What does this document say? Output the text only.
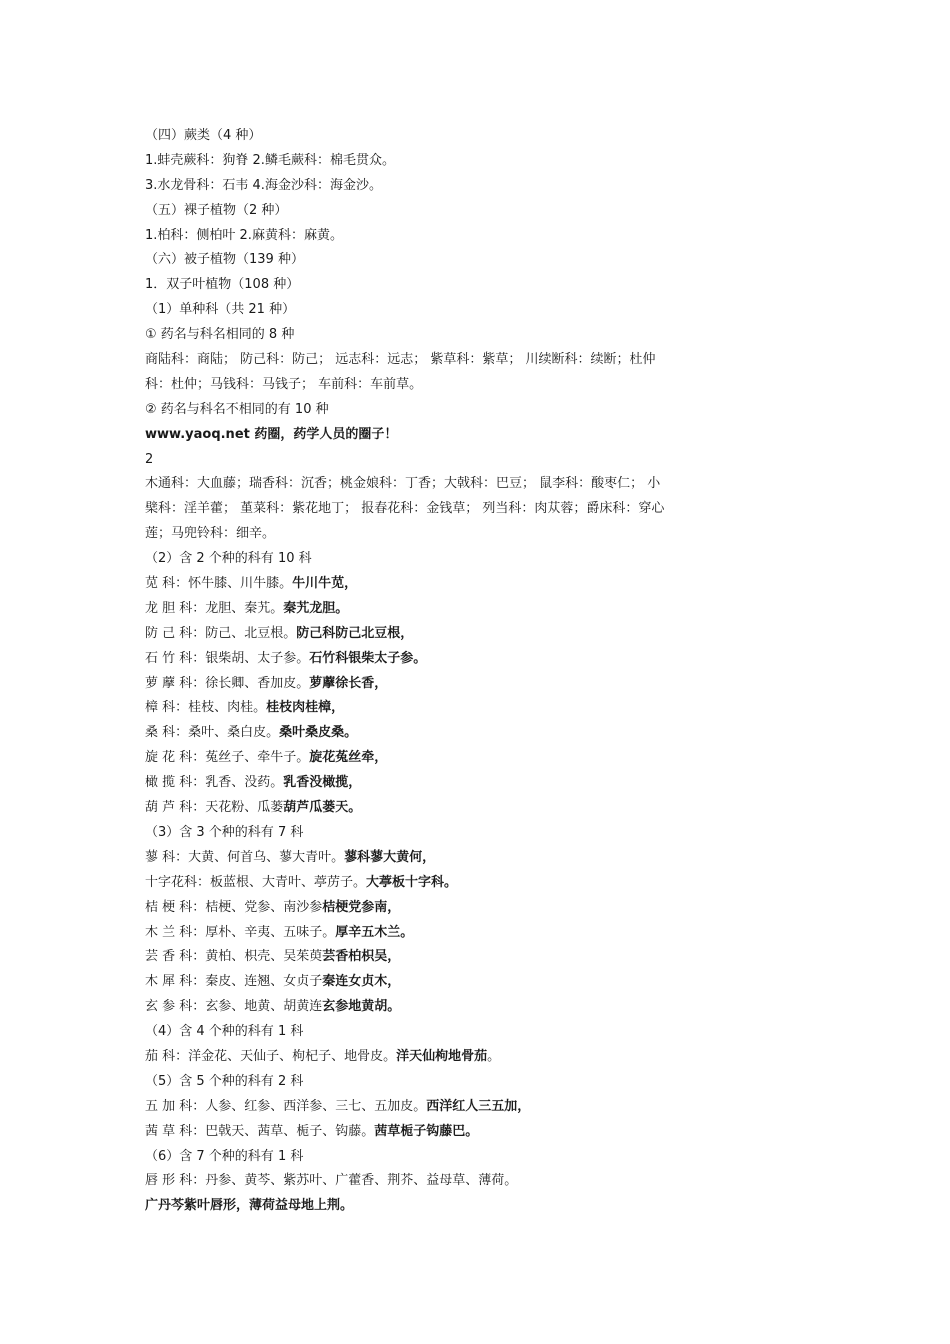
（四）蕨类（4 种）
1.蚌壳蕨科：狗脊 2.鳞毛蕨科：棉毛贯众。
3.水龙骨科：石韦 4.海金沙科：海金沙。
（五）裸子植物（2 种）
1.柏科：侧柏叶 2.麻黄科：麻黄。
（六）被子植物（139 种）
1．双子叶植物（108 种）
（1）单种科（共 21 种）
① 药名与科名相同的 8 种
商陆科：商陆； 防己科：防己； 远志科：远志； 紫草科：紫草； 川续断科：续断；杜仲
科：杜仲；马钱科：马钱子； 车前科：车前草。
② 药名与科名不相同的有 10 种
www.yaoq.net 药圈，药学人员的圈子！
2
木通科：大血藤；瑞香科：沉香；桃金娘科：丁香；大戟科：巴豆； 鼠李科：酸枣仁； 小
檗科：淫羊藿； 堇菜科：紫花地丁； 报春花科：金钱草； 列当科：肉苁蓉；爵床科：穿心
莲；马兜铃科：细辛。
（2）含 2 个种的科有 10 科
苋 科：怀牛膝、川牛膝。牛川牛苋，
龙 胆 科：龙胆、秦艽。秦艽龙胆。
防 己 科：防己、北豆根。防己科防己北豆根，
石 竹 科：银柴胡、太子参。石竹科银柴太子参。
萝 藦 科：徐长卿、香加皮。萝藦徐长香，
樟 科：桂枝、肉桂。桂枝肉桂樟，
桑 科：桑叶、桑白皮。桑叶桑皮桑。
旋 花 科：菟丝子、牵牛子。旋花菟丝牵，
橄 揽 科：乳香、没药。乳香没橄揽，
葫 芦 科：天花粉、瓜蒌葫芦瓜蒌天。
（3）含 3 个种的科有 7 科
蓼 科：大黄、何首乌、蓼大青叶。蓼科蓼大黄何，
十字花科：板蓝根、大青叶、葶苈子。大葶板十字科。
桔 梗 科：桔梗、党参、南沙参桔梗党参南，
木 兰 科：厚朴、辛夷、五味子。厚辛五木兰。
芸 香 科：黄柏、枳壳、吴茱萸芸香柏枳吴，
木 犀 科：秦皮、连翘、女贞子秦连女贞木，
玄 参 科：玄参、地黄、胡黄连玄参地黄胡。
（4）含 4 个种的科有 1 科
茄 科：洋金花、天仙子、枸杞子、地骨皮。洋天仙枸地骨茄。
（5）含 5 个种的科有 2 科
五 加 科：人参、红参、西洋参、三七、五加皮。西洋红人三五加，
茜 草 科：巴戟天、茜草、栀子、钩藤。茜草栀子钩藤巴。
（6）含 7 个种的科有 1 科
唇 形 科：丹参、黄芩、紫苏叶、广藿香、荆芥、益母草、薄荷。
广丹芩紫叶唇形，薄荷益母地上荆。
